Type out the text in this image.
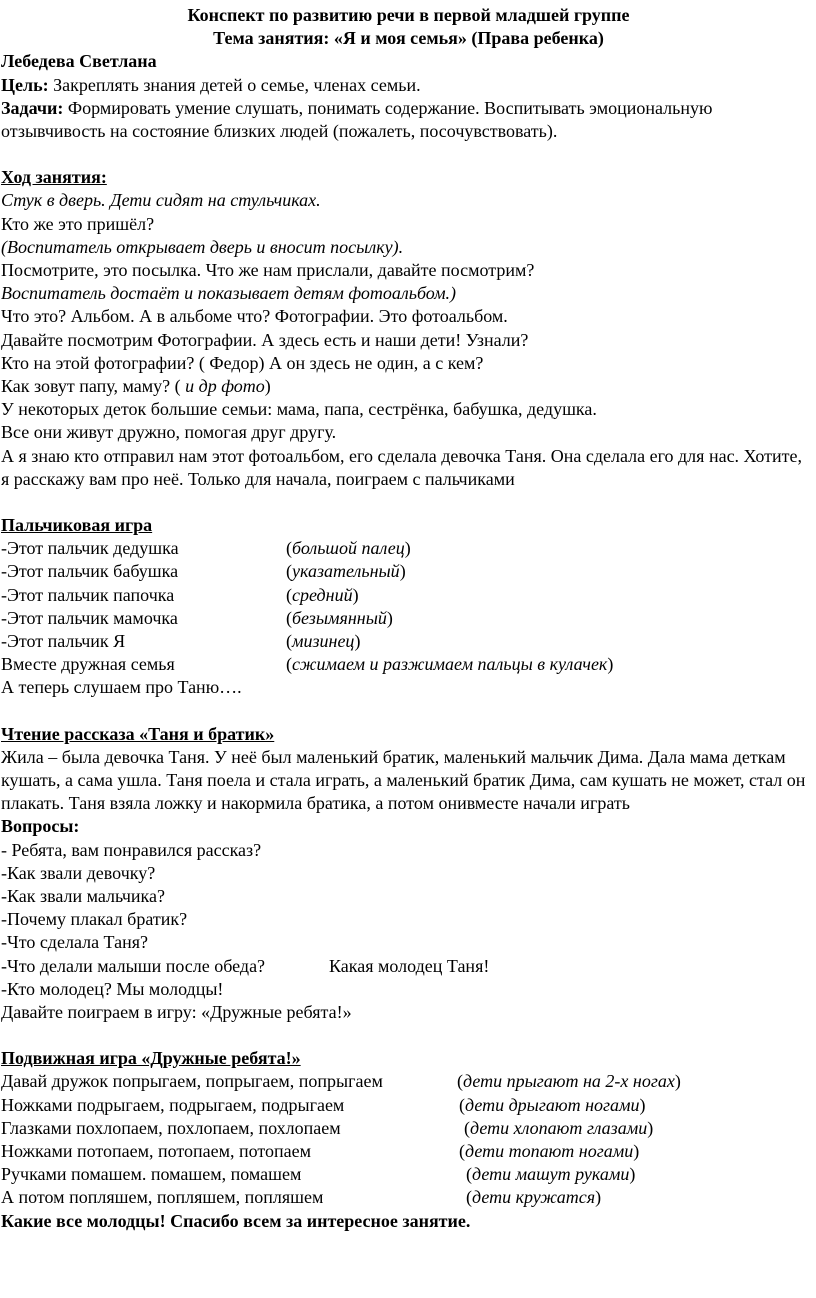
Конспект по развитию речи в первой младшей группе
Тема занятия: «Я и моя семья» (Права ребенка)
Лебедева Светлана
Цель: Закреплять знания детей о семье, членах семьи.
Задачи: Формировать умение слушать, понимать содержание. Воспитывать эмоциональную отзывчивость на состояние близких людей (пожалеть, посочувствовать).
Ход занятия:
Стук в дверь. Дети сидят на стульчиках.
Кто же это пришёл?
(Воспитатель открывает дверь и вносит посылку).
Посмотрите, это посылка. Что же нам прислали, давайте посмотрим?
Воспитатель достаёт и показывает детям фотоальбом.)
Что это? Альбом. А в альбоме что? Фотографии. Это фотоальбом.
Давайте посмотрим Фотографии. А здесь есть и наши дети! Узнали?
Кто на этой фотографии? ( Федор) А он здесь не один, а с кем?
Как зовут папу, маму? ( и др фото)
У некоторых деток большие семьи: мама, папа, сестрёнка, бабушка, дедушка.
Все они живут дружно, помогая друг другу.
А я знаю кто отправил нам этот фотоальбом, его сделала девочка Таня. Она сделала его для нас. Хотите, я расскажу вам про неё. Только для начала, поиграем с пальчиками
Пальчиковая игра
-Этот пальчик дедушка	(большой палец)
-Этот пальчик бабушка	(указательный)
-Этот пальчик папочка	(средний)
-Этот пальчик мамочка	(безымянный)
-Этот пальчик Я	(мизинец)
Вместе дружная семья	(сжимаем и разжимаем пальцы в кулачек)
А теперь слушаем про Таню….
Чтение рассказа «Таня и братик»
Жила – была девочка Таня. У неё был маленький братик, маленький мальчик Дима. Дала мама деткам кушать, а сама ушла. Таня поела и стала играть, а маленький братик Дима, сам кушать не может, стал он плакать. Таня взяла ложку и накормила братика, а потом онивместе начали играть
Вопросы:
- Ребята, вам понравился рассказ?
-Как звали девочку?
-Как звали мальчика?
-Почему плакал братик?
-Что сделала Таня?
-Что делали малыши после обеда?	Какая молодец Таня!
-Кто молодец? Мы молодцы!
Давайте поиграем в игру: «Дружные ребята!»
Подвижная игра «Дружные ребята!»
Давай дружок попрыгаем, попрыгаем, попрыгаем	(дети прыгают на 2-х ногах)
Ножками подрыгаем, подрыгаем, подрыгаем	(дети дрыгают ногами)
Глазками похлопаем, похлопаем, похлопаем	(дети хлопают глазами)
Ножками потопаем, потопаем, потопаем	(дети топают ногами)
Ручками помашем. помашем, помашем	(дети машут руками)
А потом попляшем, попляшем, попляшем	(дети кружатся)
Какие все молодцы! Спасибо всем за интересное занятие.
